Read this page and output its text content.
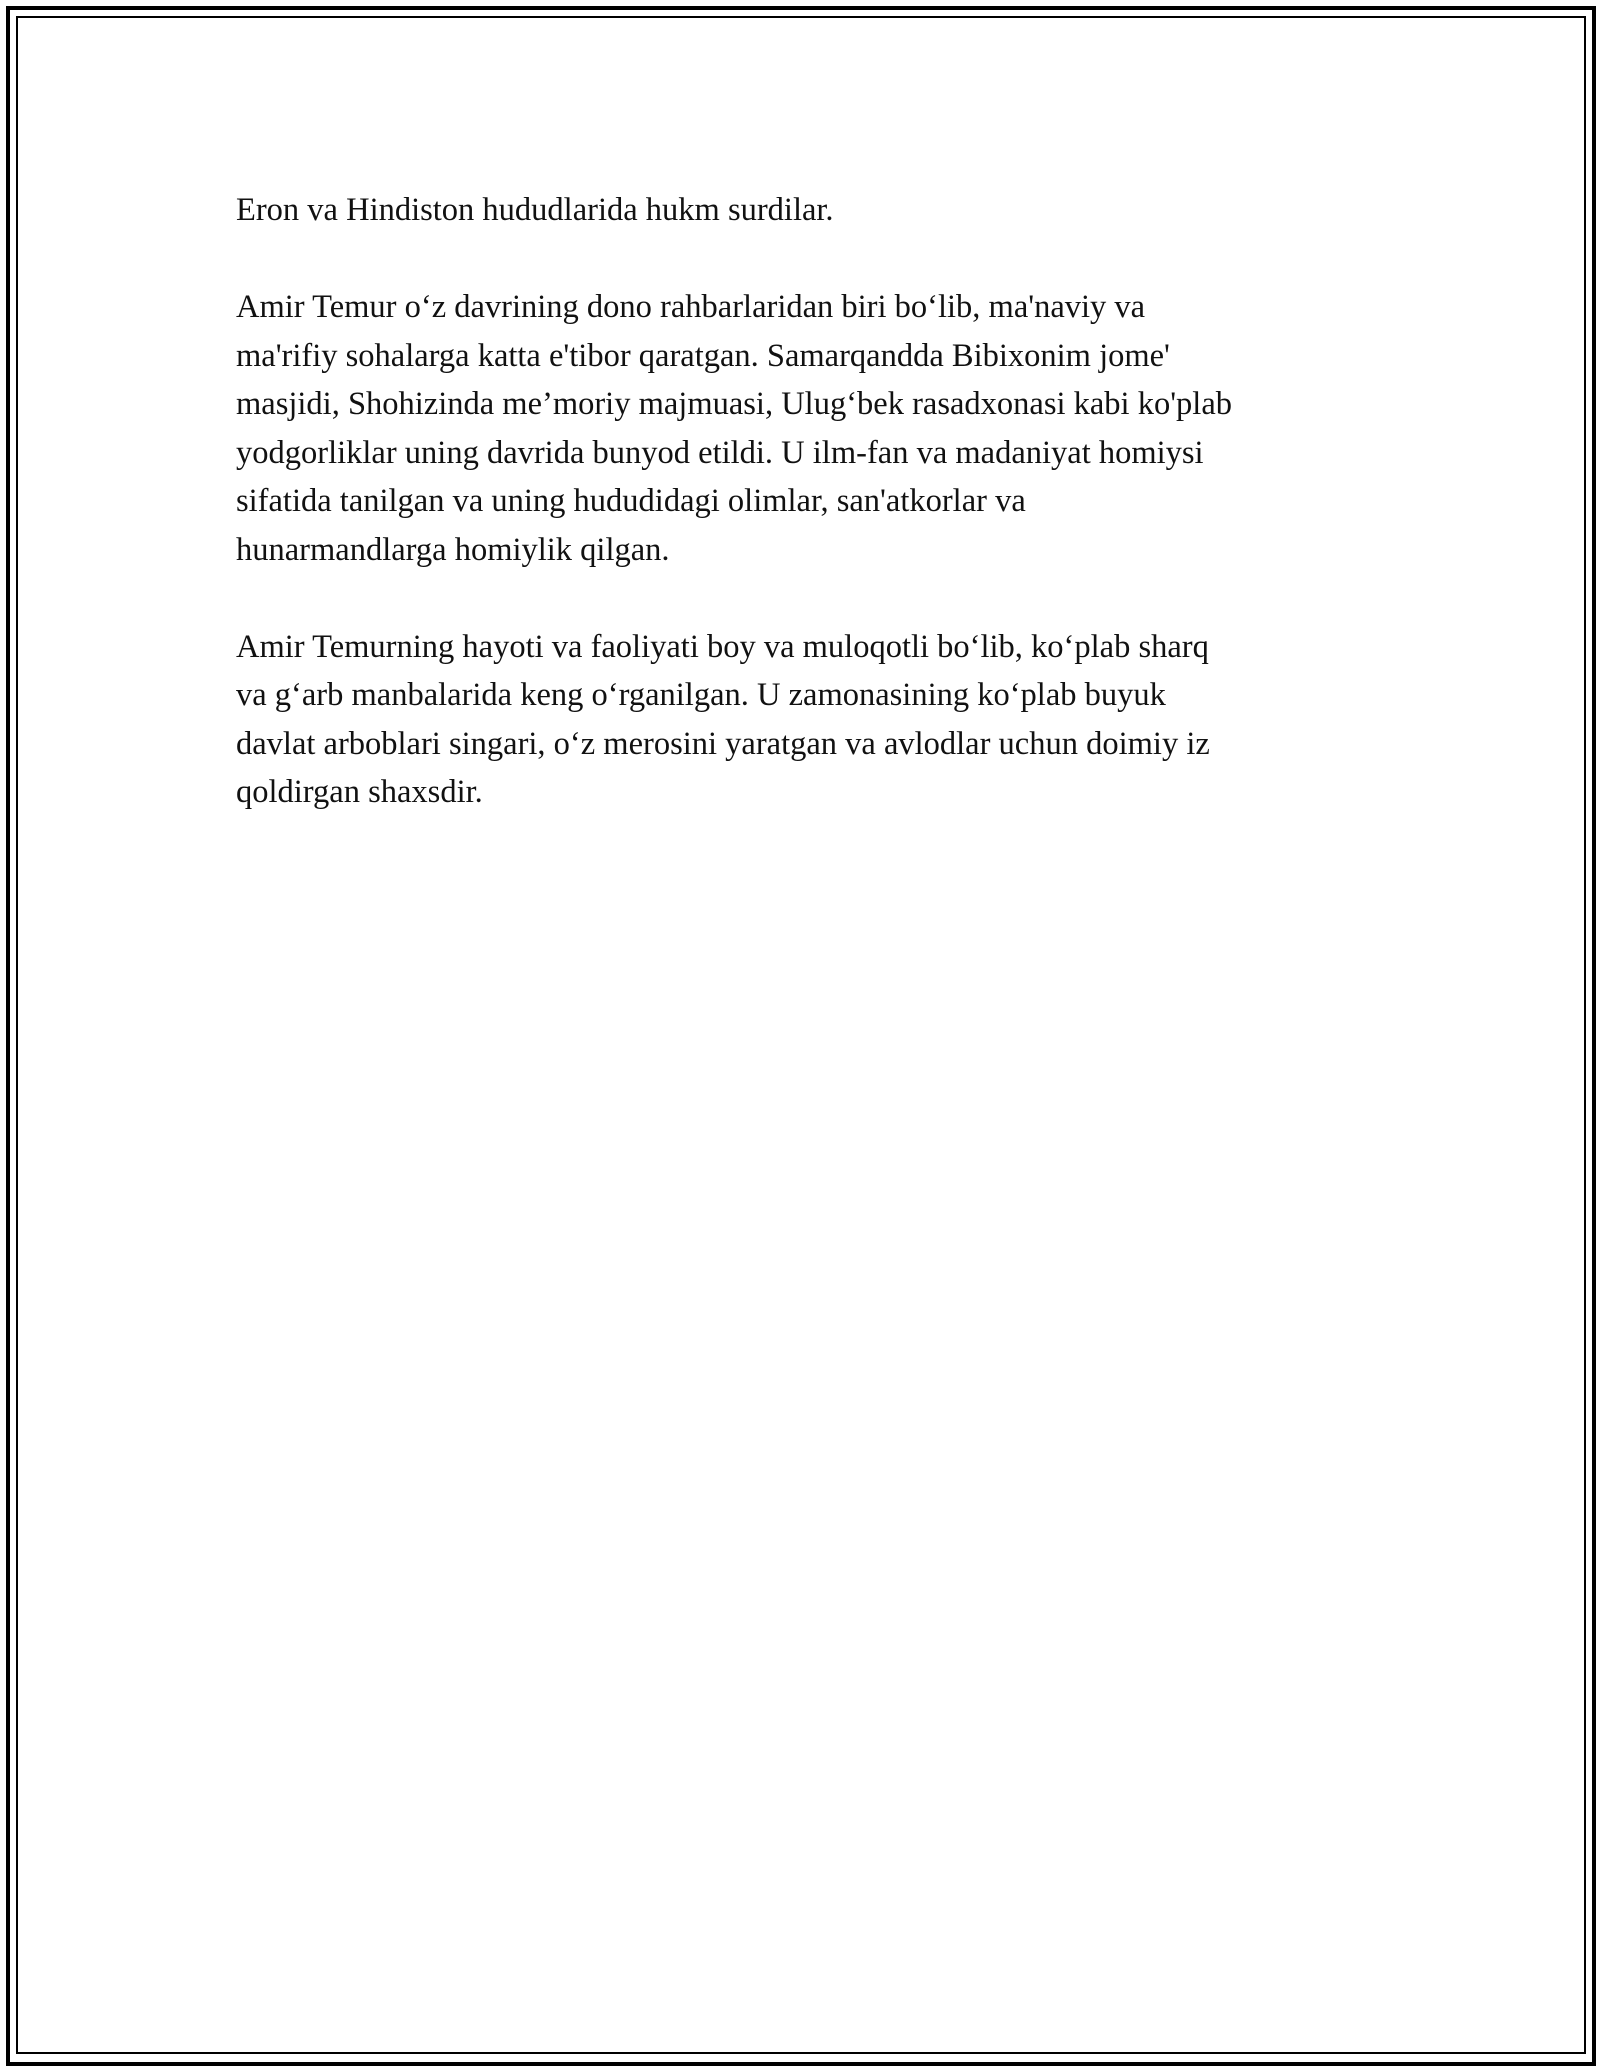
Eron va Hindiston hududlarida hukm surdilar.

Amir Temur o‘z davrining dono rahbarlaridan biri bo‘lib, ma'naviy va
ma'rifiy sohalarga katta e'tibor qaratgan. Samarqandda Bibixonim jome'
masjidi, Shohizinda me’moriy majmuasi, Ulug‘bek rasadxonasi kabi ko'plab
yodgorliklar uning davrida bunyod etildi. U ilm-fan va madaniyat homiysi
sifatida tanilgan va uning hududidagi olimlar, san'atkorlar va
hunarmandlarga homiylik qilgan.

Amir Temurning hayoti va faoliyati boy va muloqotli bo‘lib, ko‘plab sharq
va g‘arb manbalarida keng o‘rganilgan. U zamonasining ko‘plab buyuk
davlat arboblari singari, o‘z merosini yaratgan va avlodlar uchun doimiy iz
qoldirgan shaxsdir.
